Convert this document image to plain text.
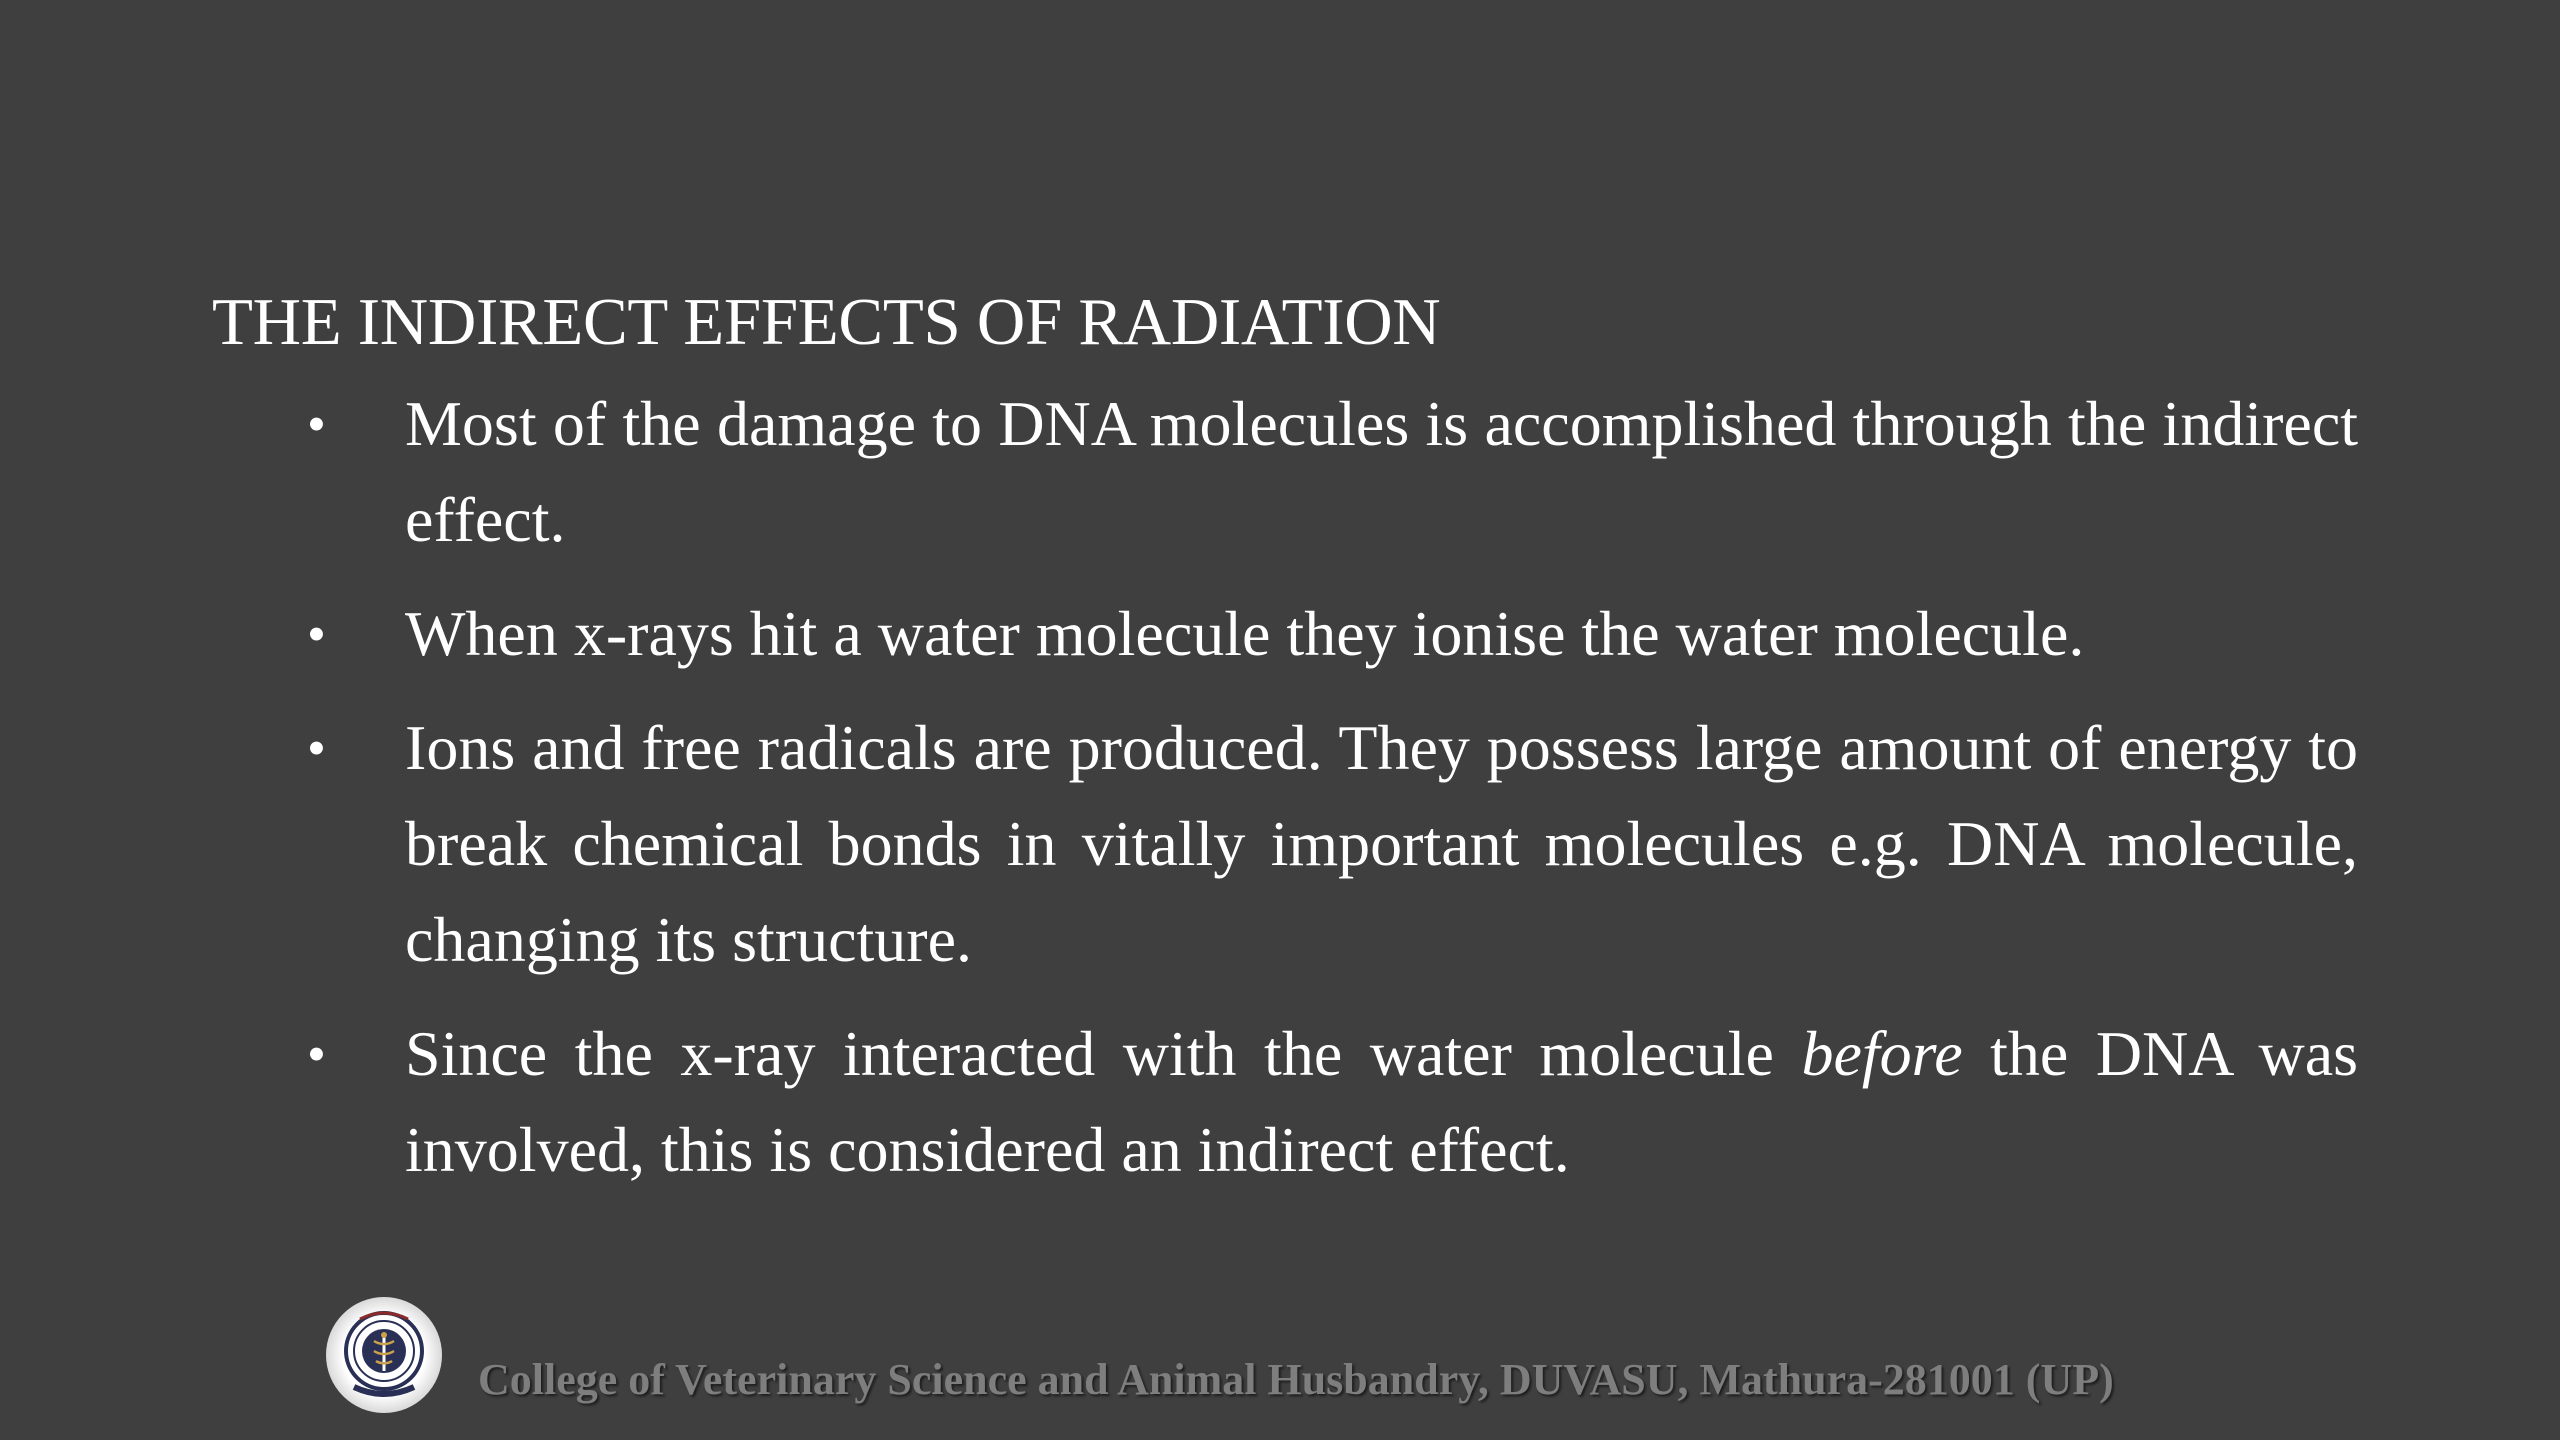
THE INDIRECT EFFECTS OF RADIATION
• Most of the damage to DNA molecules is accomplished through the indirect effect.
• When x-rays hit a water molecule they ionise the water molecule.
• Ions and free radicals are produced. They possess large amount of energy to break chemical bonds in vitally important molecules e.g. DNA molecule, changing its structure.
• Since the x-ray interacted with the water molecule before the DNA was involved, this is considered an indirect effect.
College of Veterinary Science and Animal Husbandry, DUVASU, Mathura-281001 (UP)
